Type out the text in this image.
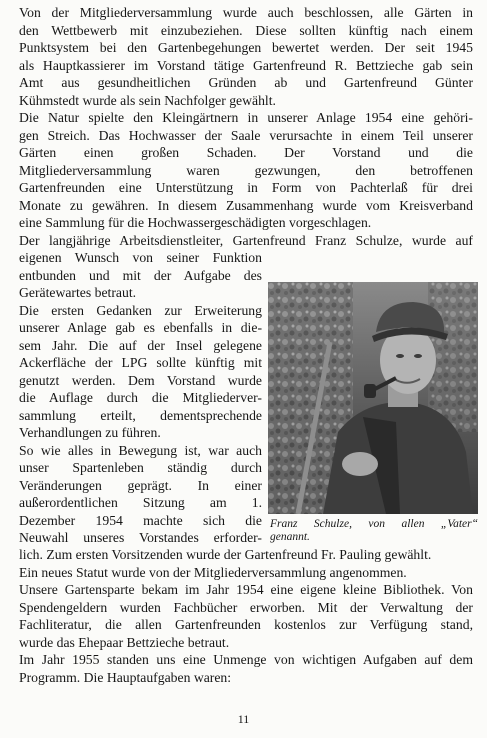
Von der Mitgliederversammlung wurde auch beschlossen, alle Gärten in
den Wettbewerb mit einzubeziehen. Diese sollten künftig nach einem
Punktsystem bei den Gartenbegehungen bewertet werden. Der seit 1945
als Hauptkassierer im Vorstand tätige Gartenfreund R. Bettzieche gab sein
Amt aus gesundheitlichen Gründen ab und Gartenfreund Günter
Kühmstedt wurde als sein Nachfolger gewählt.
Die Natur spielte den Kleingärtnern in unserer Anlage 1954 eine gehöri-
gen Streich. Das Hochwasser der Saale verursachte in einem Teil unserer
Gärten einen großen Schaden. Der Vorstand und die
Mitgliederversammlung waren gezwungen, den betroffenen
Gartenfreunden eine Unterstützung in Form von Pachterlaß für drei
Monate zu gewähren. In diesem Zusammenhang wurde vom Kreisverband
eine Sammlung für die Hochwassergeschädigten vorgeschlagen.
Der langjährige Arbeitsdienstleiter, Gartenfreund Franz Schulze, wurde auf
eigenen Wunsch von seiner Funktion
entbunden und mit der Aufgabe des
Gerätewartes betraut.
Die ersten Gedanken zur Erweiterung
unserer Anlage gab es ebenfalls in die-
sem Jahr. Die auf der Insel gelegene
Ackerfläche der LPG sollte künftig mit
genutzt werden. Dem Vorstand wurde
die Auflage durch die Mitgliederver-
sammlung erteilt, dementsprechende
Verhandlungen zu führen.
So wie alles in Bewegung ist, war auch
unser Spartenleben ständig durch
Veränderungen geprägt. In einer
außerordentlichen Sitzung am 1.
Dezember 1954 machte sich die
Neuwahl unseres Vorstandes erforder-
Franz Schulze, von allen „Vater“
genannt.
lich. Zum ersten Vorsitzenden wurde der Gartenfreund Fr. Pauling gewählt.
Ein neues Statut wurde von der Mitgliederversammlung angenommen.
Unsere Gartensparte bekam im Jahr 1954 eine eigene kleine Bibliothek. Von
Spendengeldern wurden Fachbücher erworben. Mit der Verwaltung der
Fachliteratur, die allen Gartenfreunden kostenlos zur Verfügung stand,
wurde das Ehepaar Bettzieche betraut.
Im Jahr 1955 standen uns eine Unmenge von wichtigen Aufgaben auf dem
Programm. Die Hauptaufgaben waren:
11
